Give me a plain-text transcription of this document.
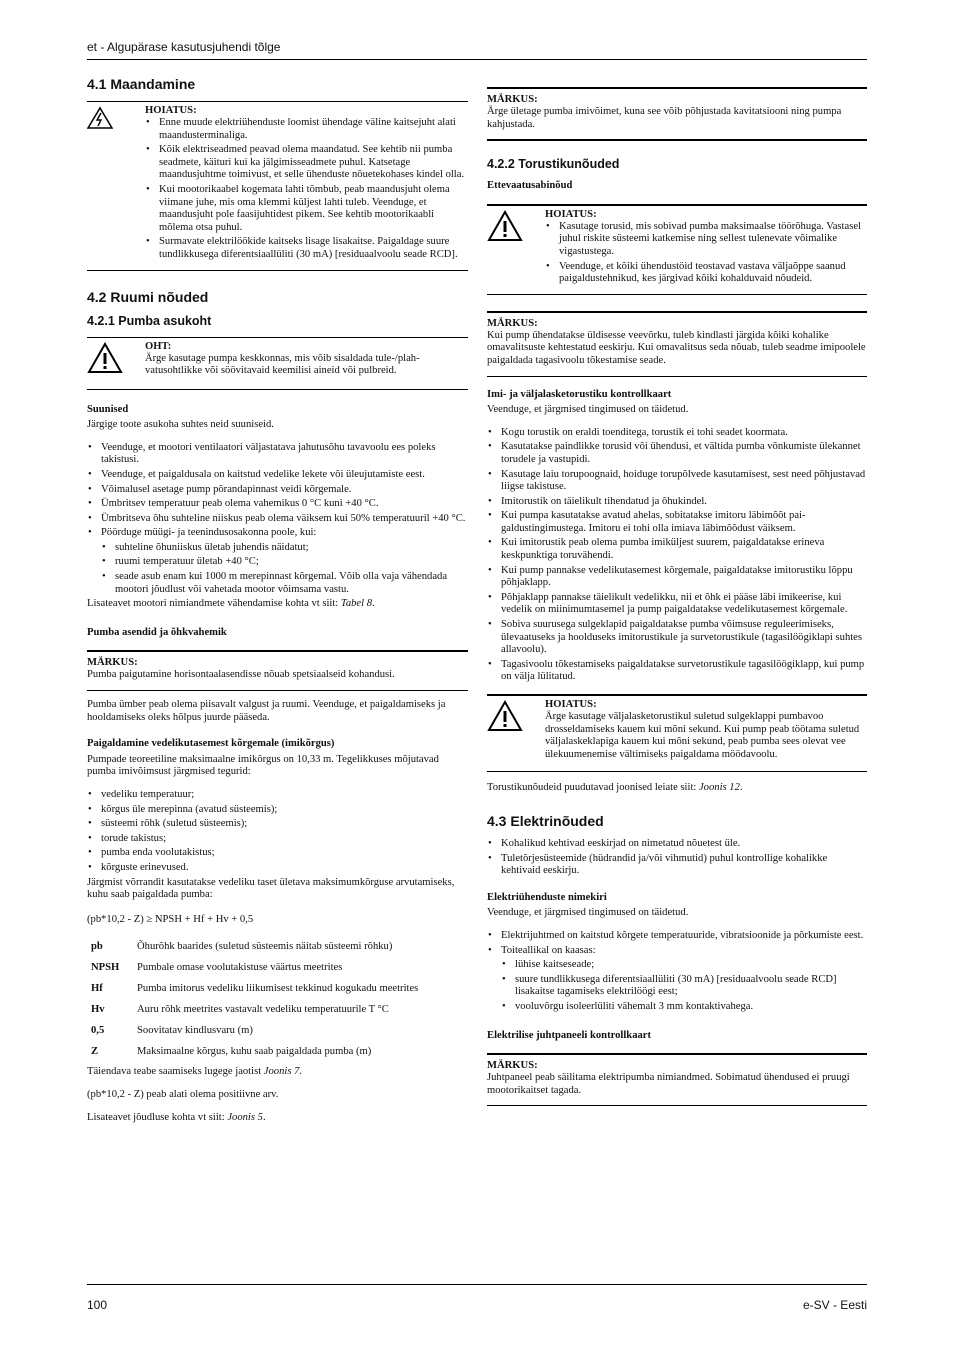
et - Algupärase kasutusjuhendi tõlge
4.1 Maandamine
HOIATUS:
• Enne muude elektriühenduste loomist ühendage väline kaitsejuht alati maandusterminaliga.
• Kõik elektriseadmed peavad olema maandatud. See kehtib nii pumba seadmete, käituri kui ka jälgimisseadmete puhul. Katsetage maandusjuhtme toimivust, et selle ühenduste nõuetekohases kindel olla.
• Kui mootorikaabel kogemata lahti tõmbub, peab maandusjuht olema viimane juhe, mis oma klemmi küljest lahti tuleb. Veenduge, et maandusjuht pole faasijuhtidest pikem. See kehtib mootorikaabli mõlema otsa puhul.
• Surmavate elektrilöökide kaitseks lisage lisakaitse. Paigaldage suure tundlikkusega diferentsiaallüliti (30 mA) [residuaalvoolu seade RCD].
4.2 Ruumi nõuded
4.2.1 Pumba asukoht
OHT:

Ärge kasutage pumpa keskkonnas, mis võib sisaldada tule-/plahvatusohtlikke või söövitavaid keemilisi aineid või pulbreid.

Suunised

Järgige toote asukoha suhtes neid suuniseid.

• Veenduge, et mootori ventilaatori väljastatava jahutusõhu tavavoolu ees poleks takistusi.
• Veenduge, et paigaldusala on kaitstud vedelike lekete või üleujutamiste eest.
• Võimalusel asetage pump põrandapinnast veidi kõrgemale.
• Ümbritsev temperatuur peab olema vahemikus 0 °C kuni +40 °C.
• Ümbritseva õhu suhteline niiskus peab olema väiksem kui 50% temperatuuril +40 °C.
• Pöörduge müügi- ja teenindusosakonna poole, kui:
• suhteline õhuniiskus ületab juhendis näidatut;
• ruumi temperatuur ületab +40 °C;
• seade asub enam kui 1000 m merepinnast kõrgemal. Võib olla vaja vähendada mootori jõudlust või vahetada mootor võimsama vastu.

Lisateavet mootori nimiandmete vähendamise kohta vt siit: Tabel 8.

Pumba asendid ja õhkvahemik
MÄRKUS:

Pumba paigutamine horisontaalasendisse nõuab spetsiaalseid kohandusi.

Pumba ümber peab olema piisavalt valgust ja ruumi. Veenduge, et paigaldamiseks ja hooldamiseks oleks hõlpus juurde pääseda.

Paigaldamine vedelikutasemest kõrgemale (imikõrgus)

Pumpade teoreetiline maksimaalne imikõrgus on 10,33 m. Tegelikkuses mõjutavad pumba imivõimsust järgmised tegurid:

• vedeliku temperatuur;
• kõrgus üle merepinna (avatud süsteemis);
• süsteemi rõhk (suletud süsteemis);
• torude takistus;
• pumba enda voolutakistus;
• kõrguste erinevused.

Järgmist võrrandit kasutatakse vedeliku taset ületava maksimumkõrguse arvutamiseks, kuhu saab paigaldada pumba:

(pb*10,2 - Z) ≥ NPSH + Hf + Hv + 0,5

pb	Õhurõhk baarides (suletud süsteemis näitab süsteemi rõhku)
NPSH	Pumbale omase voolutakistuse väärtus meetrites
Hf	Pumba imitorus vedeliku liikumisest tekkinud kogukadu meetrites
Hv	Auru rõhk meetrites vastavalt vedeliku temperatuurile T °C
0,5	Soovitatav kindlusvaru (m)
Z	Maksimaalne kõrgus, kuhu saab paigaldada pumba (m)

Täiendava teabe saamiseks lugege jaotist Joonis 7.

(pb*10,2 - Z) peab alati olema positiivne arv.

Lisateavet jõudluse kohta vt siit: Joonis 5.

MÄRKUS:

Ärge ületage pumba imivõimet, kuna see võib põhjustada kavitatsiooni ning pumpa kahjustada.

4.2.2 Torustikunõuded
Ettevaatusabinõud
HOIATUS:
• Kasutage torusid, mis sobivad pumba maksimaalse töörõhuga. Vastasel juhul riskite süsteemi katkemise ning sellest tulenevate võimalike vigastustega.
• Veenduge, et kõiki ühendustöid teostavad vastava väljaõppe saanud paigaldustehnikud, kes järgivad kõiki kohalduvaid nõudeid.
MÄRKUS:

Kui pump ühendatakse üldisesse veevõrku, tuleb kindlasti järgida kõiki kohalike omavalitsuste kehtestatud eeskirju. Kui omavalitsus seda nõuab, tuleb seadme imipoolele paigaldada tagasivoolu tõkestamise seade.

Imi- ja väljalasketorustiku kontrollkaart

Veenduge, et järgmised tingimused on täidetud.

• Kogu torustik on eraldi toenditega, torustik ei tohi seadet koormata.
• Kasutatakse paindlikke torusid või ühendusi, et vältida pumba võnkumiste ülekannet torudele ja vastupidi.
• Kasutage laiu torupoognaid, hoiduge torupõlvede kasutamisest, sest need põhjustavad liigse takistuse.
• Imitorustik on täielikult tihendatud ja õhukindel.
• Kui pumpa kasutatakse avatud ahelas, sobitatakse imitoru läbimõõt paigaldustingimustega. Imitoru ei tohi olla imiava läbimõõdust väiksem.
• Kui imitorustik peab olema pumba imiküljest suurem, paigaldatakse erineva keskpunktiga toruvähendi.
• Kui pump pannakse vedelikutasemest kõrgemale, paigaldatakse imitorustiku lõppu põhjaklapp.
• Põhjaklapp pannakse täielikult vedelikku, nii et õhk ei pääse läbi imikeerise, kui vedelik on miinimumtasemel ja pump paigaldatakse vedelikutasemest kõrgemale.
• Sobiva suurusega sulgeklapid paigaldatakse pumba võimsuse reguleerimiseks, ülevaatuseks ja hoolduseks imitorustikule ja survetorustikule (tagasilöögiklapi suhtes allavoolu).
• Tagasivoolu tõkestamiseks paigaldatakse survetorustikule tagasilöögiklapp, kui pump on välja lülitatud.
HOIATUS:

Ärge kasutage väljalasketorustikul suletud sulgeklappi pumbavoo drosseldamiseks kauem kui mõni sekund. Kui pump peab töötama suletud väljalaskeklapiga kauem kui mõni sekund, peab pumba sees olevat vee ülekuumenemise vältimiseks paigaldama möödavoolu.

Torustikunõudeid puudutavad joonised leiate siit: Joonis 12.

4.3 Elektrinõuded
• Kohalikud kehtivad eeskirjad on nimetatud nõuetest üle.
• Tuletõrjesüsteemide (hüdrandid ja/või vihmutid) puhul kontrollige kohalikke kehtivaid eeskirju.
Elektriühenduste nimekiri

Veenduge, et järgmised tingimused on täidetud.

• Elektrijuhtmed on kaitstud kõrgete temperatuuride, vibratsioonide ja põrkumiste eest.
• Toiteallikal on kaasas:
• lühise kaitseseade;
• suure tundlikkusega diferentsiaallüliti (30 mA) [residuaalvoolu seade RCD] lisakaitse tagamiseks elektrilöögi eest;
• vooluvõrgu isoleerlüliti vähemalt 3 mm kontaktivahega.
Elektrilise juhtpaneeli kontrollkaart
MÄRKUS:

Juhtpaneel peab säilitama elektripumba nimiandmed. Sobimatud ühendused ei pruugi mootorikaitset tagada.

100	e-SV - Eesti
